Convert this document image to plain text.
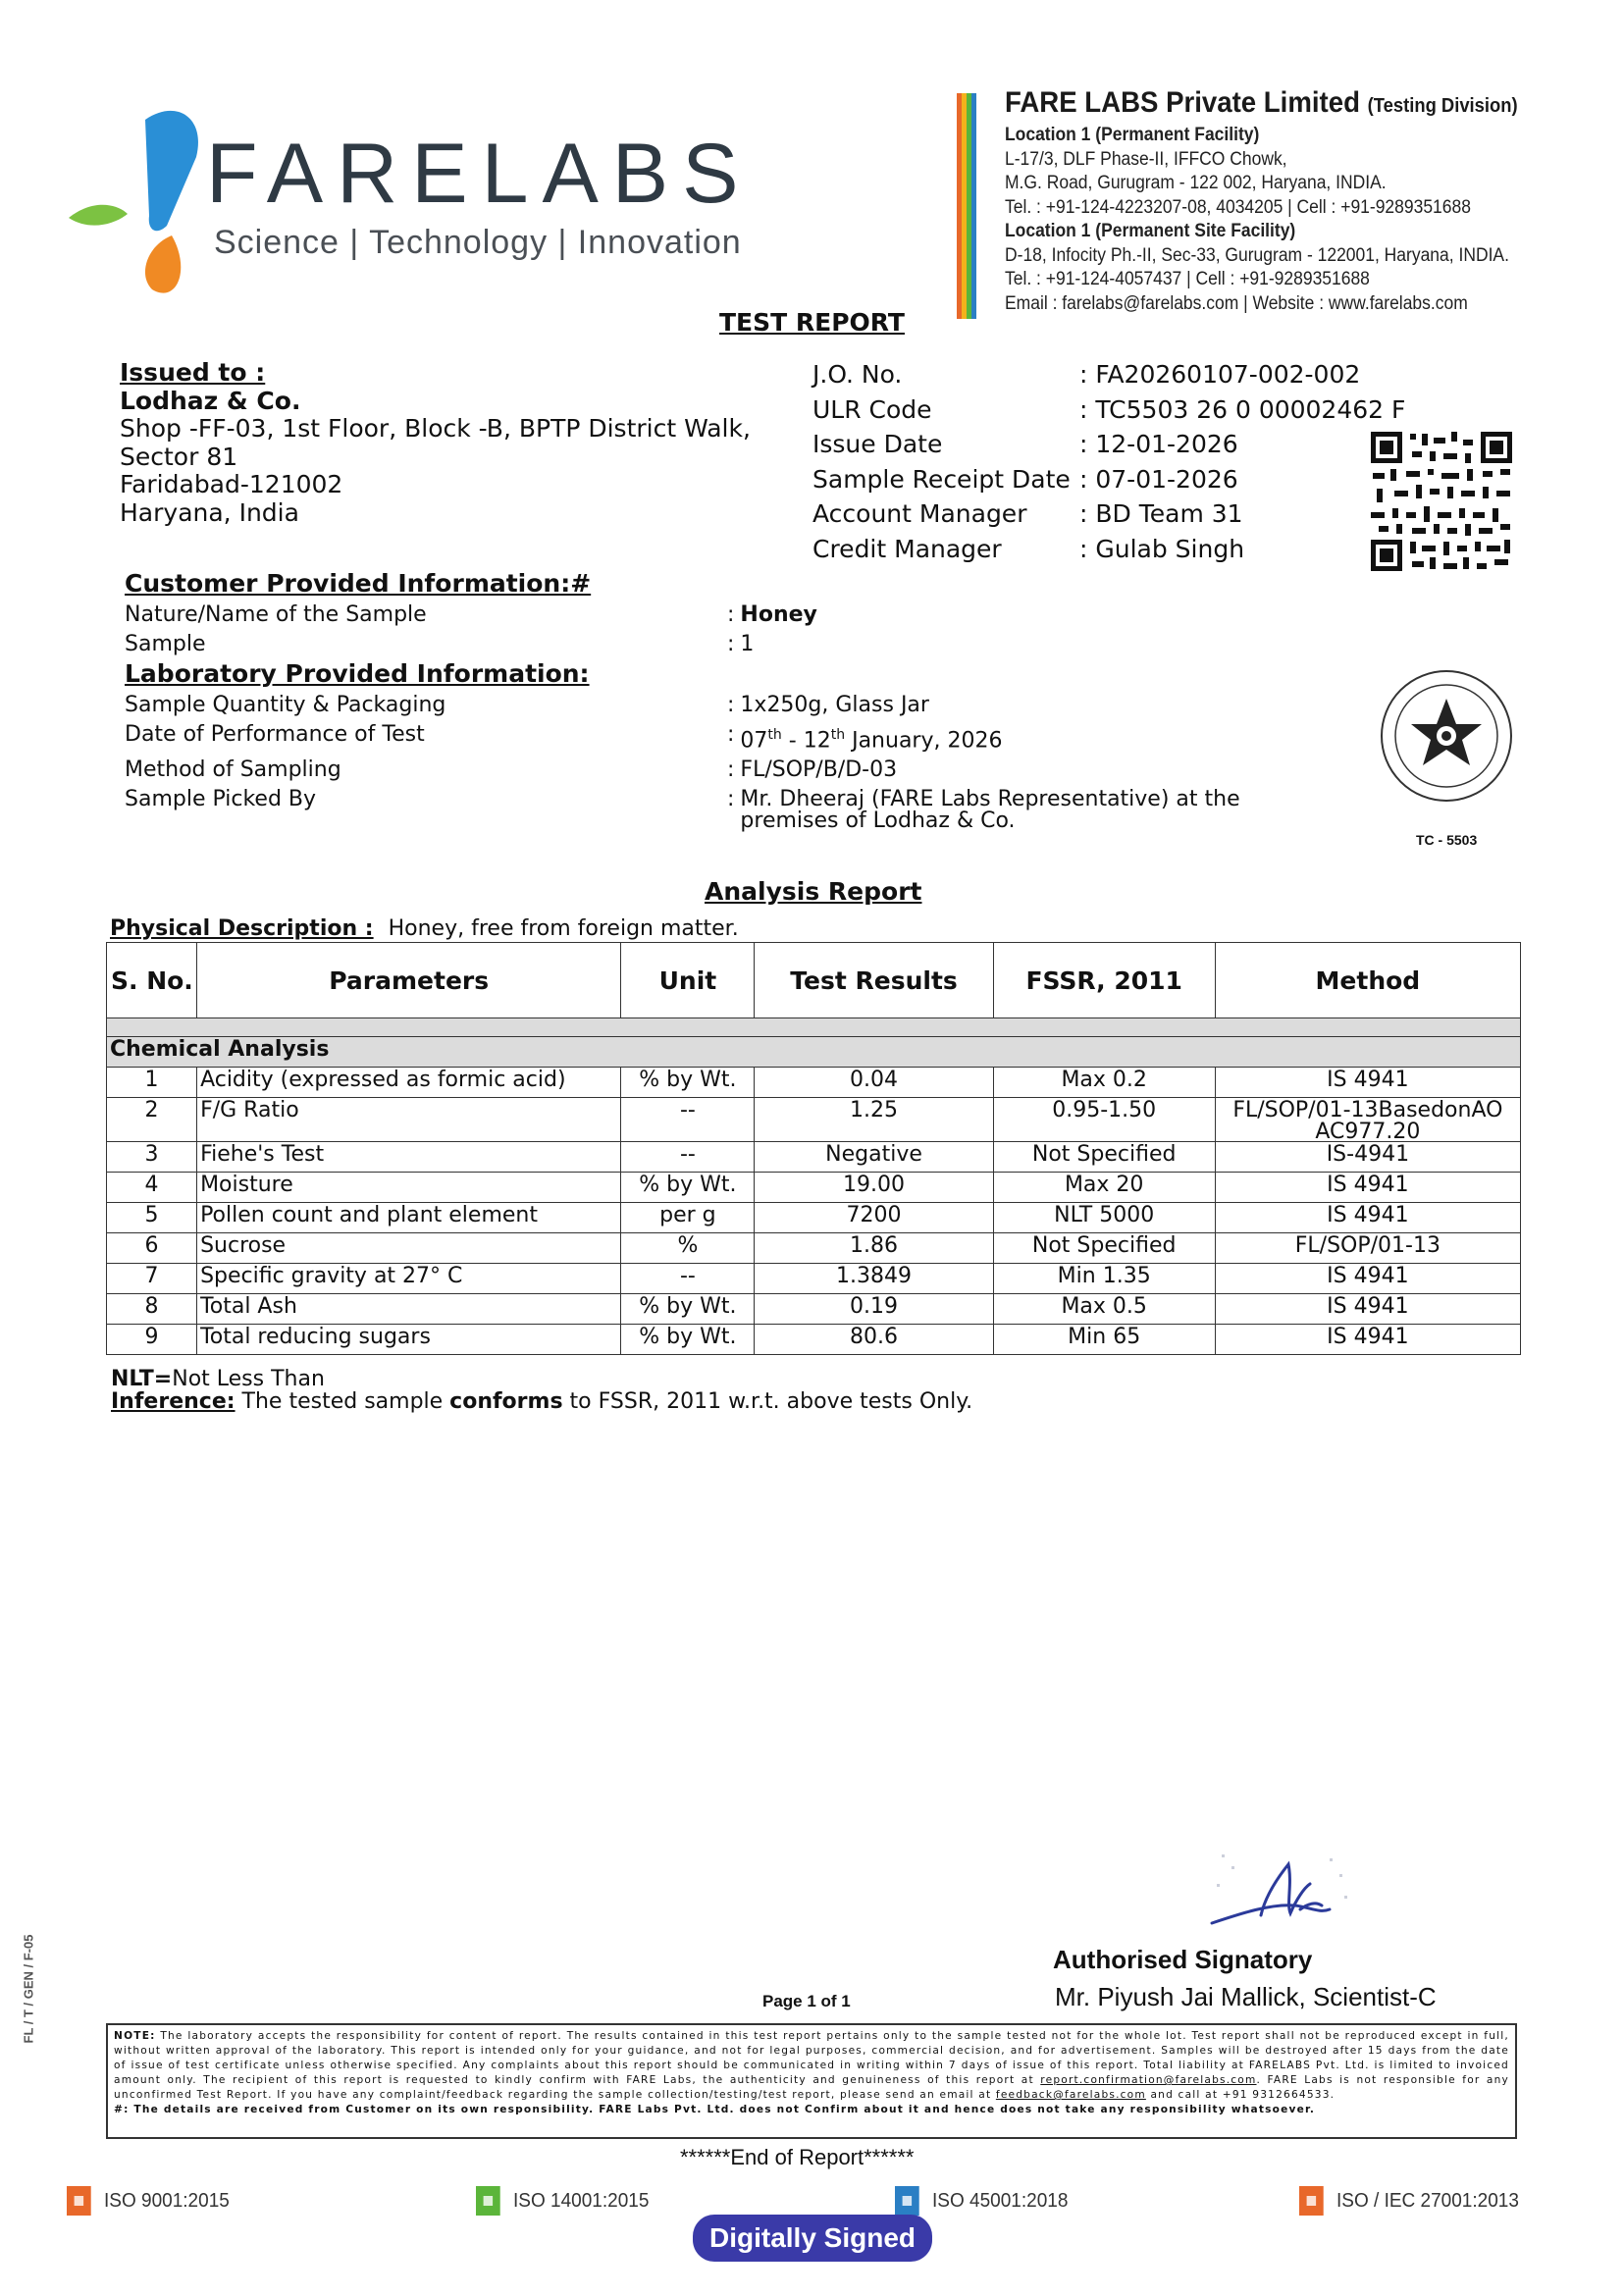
FARELABS
Science | Technology | Innovation
FARE LABS Private Limited (Testing Division)
Location 1 (Permanent Facility)
L-17/3, DLF Phase-II, IFFCO Chowk,
M.G. Road, Gurugram - 122 002, Haryana, INDIA.
Tel. : +91-124-4223207-08, 4034205 | Cell : +91-9289351688
Location 1 (Permanent Site Facility)
D-18, Infocity Ph.-II, Sec-33, Gurugram - 122001, Haryana, INDIA.
Tel. : +91-124-4057437 | Cell : +91-9289351688
Email : farelabs@farelabs.com | Website : www.farelabs.com
TEST REPORT
Issued to :
Lodhaz & Co.
Shop -FF-03, 1st Floor, Block -B, BPTP District Walk,
Sector 81
Faridabad-121002
Haryana, India
J.O. No.	: FA20260107-002-002
ULR Code	: TC5503 26 0 00002462 F
Issue Date	: 12-01-2026
Sample Receipt Date : 07-01-2026
Account Manager	: BD Team 31
Credit Manager	: Gulab Singh
Customer Provided Information:#
Nature/Name of the Sample	: Honey
Sample	: 1
Laboratory Provided Information:
Sample Quantity & Packaging	: 1x250g, Glass Jar
Date of Performance of Test	: 07th - 12th January, 2026
Method of Sampling	: FL/SOP/B/D-03
Sample Picked By	: Mr. Dheeraj (FARE Labs Representative) at the
premises of Lodhaz & Co.
TC - 5503
Analysis Report
Physical Description : Honey, free from foreign matter.
S. No.	Parameters	Unit	Test Results	FSSR, 2011	Method

Chemical Analysis					
1	Acidity (expressed as formic acid)	% by Wt.	0.04	Max 0.2	IS 4941
2	F/G Ratio	--	1.25	0.95-1.50	FL/SOP/01-13BasedonAO
AC977.20

3	Fiehe's Test	--	Negative	Not Specified	IS-4941
4	Moisture	% by Wt.	19.00	Max 20	IS 4941
5	Pollen count and plant element	per g	7200	NLT 5000	IS 4941
6	Sucrose	%	1.86	Not Specified	FL/SOP/01-13
7	Specific gravity at 27° C	--	1.3849	Min 1.35	IS 4941
8	Total Ash	% by Wt.	0.19	Max 0.5	IS 4941
9	Total reducing sugars	% by Wt.	80.6	Min 65	IS 4941
NLT=Not Less Than
Inference: The tested sample conforms to FSSR, 2011 w.r.t. above tests Only.
Authorised Signatory
Mr. Piyush Jai Mallick, Scientist-C
Page 1 of 1
FL / T / GEN / F-05	NOTE: The laboratory accepts the responsibility for content of report. The results contained in this test report pertains only to the sample tested not for the whole lot. Test report shall not be reproduced except in full, without written approval of the laboratory. This report is intended only for your guidance, and not for legal purposes, commercial decision, and for advertisement. Samples will be destroyed after 15 days from the date of issue of test certificate unless otherwise specified. Any complaints about this report should be communicated in writing within 7 days of issue of this report. Total liability at FARELABS Pvt. Ltd. is limited to invoiced amount only. The recipient of this report is requested to kindly confirm with FARE Labs, the authenticity and genuineness of this report at report.confirmation@farelabs.com. FARE Labs is not responsible for any unconfirmed Test Report. If you have any complaint/feedback regarding the sample collection/testing/test report, please send an email at feedback@farelabs.com and call at +91 9312664533.
#: The details are received from Customer on its own responsibility. FARE Labs Pvt. Ltd. does not Confirm about it and hence does not take any responsibility whatsoever.
******End of Report******
ISO 9001:2015	ISO 14001:2015	ISO 45001:2018	ISO / IEC 27001:2013
Digitally Signed
